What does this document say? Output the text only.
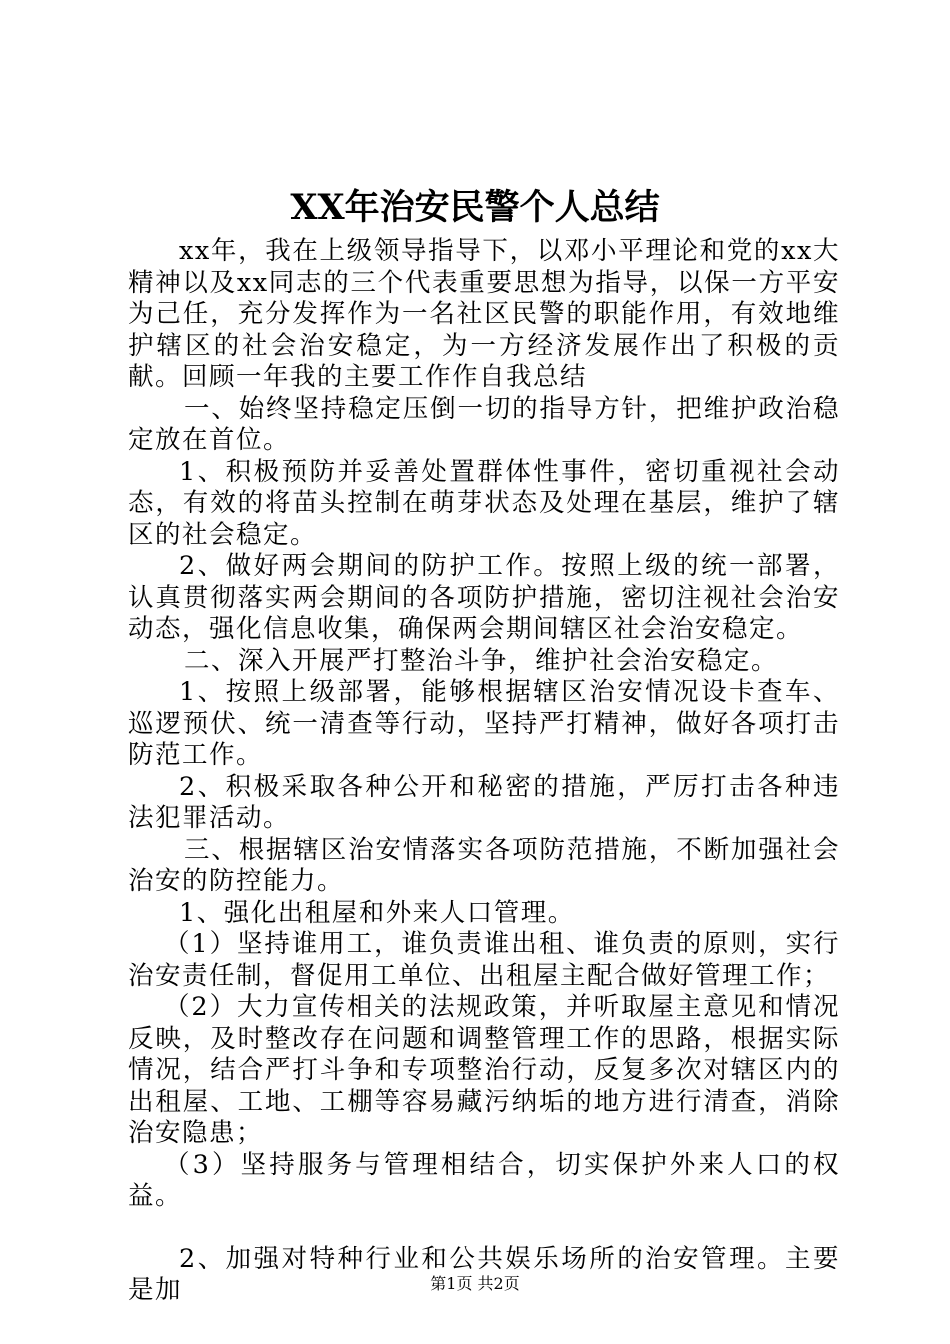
XX年治安民警个人总结

xx年，我在上级领导指导下，以邓小平理论和党的xx大精神以及xx同志的三个代表重要思想为指导，以保一方平安为己任，充分发挥作为一名社区民警的职能作用，有效地维护辖区的社会治安稳定，为一方经济发展作出了积极的贡献。回顾一年我的主要工作作自我总结

一、始终坚持稳定压倒一切的指导方针，把维护政治稳定放在首位。

1、积极预防并妥善处置群体性事件，密切重视社会动态，有效的将苗头控制在萌芽状态及处理在基层，维护了辖区的社会稳定。

2、做好两会期间的防护工作。按照上级的统一部署，认真贯彻落实两会期间的各项防护措施，密切注视社会治安动态，强化信息收集，确保两会期间辖区社会治安稳定。

二、深入开展严打整治斗争，维护社会治安稳定。

1、按照上级部署，能够根据辖区治安情况设卡查车、巡逻预伏、统一清查等行动，坚持严打精神，做好各项打击防范工作。

2、积极采取各种公开和秘密的措施，严厉打击各种违法犯罪活动。

三、根据辖区治安情落实各项防范措施，不断加强社会治安的防控能力。

1、强化出租屋和外来人口管理。

（1）坚持谁用工，谁负责谁出租、谁负责的原则，实行治安责任制，督促用工单位、出租屋主配合做好管理工作；

（2）大力宣传相关的法规政策，并听取屋主意见和情况反映，及时整改存在问题和调整管理工作的思路，根据实际情况，结合严打斗争和专项整治行动，反复多次对辖区内的出租屋、工地、工棚等容易藏污纳垢的地方进行清查，消除治安隐患；

（3）坚持服务与管理相结合，切实保护外来人口的权益。

2、加强对特种行业和公共娱乐场所的治安管理。主要是加	第1页 共2页
